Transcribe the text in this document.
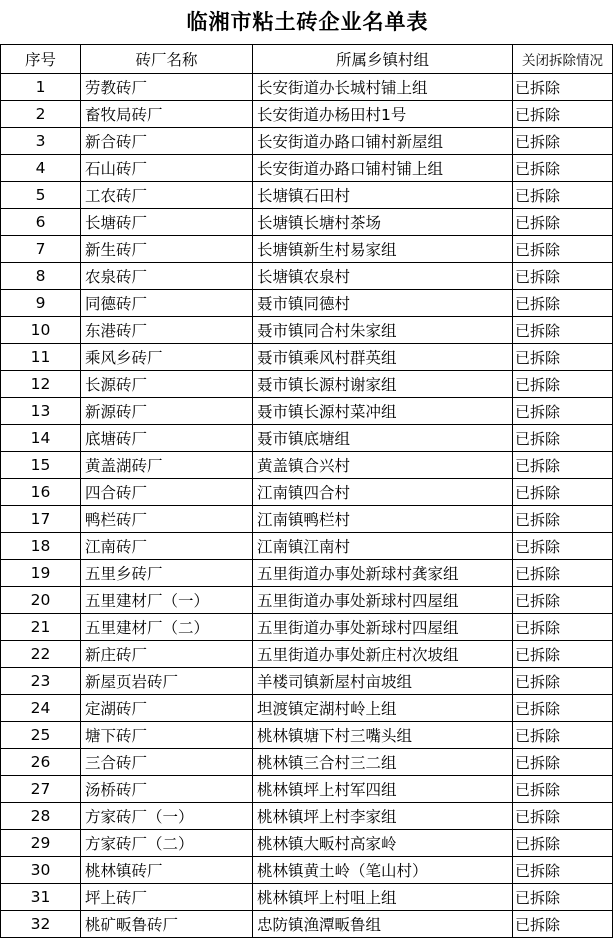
临湘市粘土砖企业名单表
序号	砖厂名称	所属乡镇村组	关闭拆除情况
1	劳教砖厂	长安街道办长城村铺上组	已拆除
2	畜牧局砖厂	长安街道办杨田村1号	已拆除
3	新合砖厂	长安街道办路口铺村新屋组	已拆除
4	石山砖厂	长安街道办路口铺村铺上组	已拆除
5	工农砖厂	长塘镇石田村	已拆除
6	长塘砖厂	长塘镇长塘村茶场	已拆除
7	新生砖厂	长塘镇新生村易家组	已拆除
8	农泉砖厂	长塘镇农泉村	已拆除
9	同德砖厂	聂市镇同德村	已拆除
10	东港砖厂	聂市镇同合村朱家组	已拆除
11	乘风乡砖厂	聂市镇乘风村群英组	已拆除
12	长源砖厂	聂市镇长源村谢家组	已拆除
13	新源砖厂	聂市镇长源村菜冲组	已拆除
14	底塘砖厂	聂市镇底塘组	已拆除
15	黄盖湖砖厂	黄盖镇合兴村	已拆除
16	四合砖厂	江南镇四合村	已拆除
17	鸭栏砖厂	江南镇鸭栏村	已拆除
18	江南砖厂	江南镇江南村	已拆除
19	五里乡砖厂	五里街道办事处新球村龚家组	已拆除
20	五里建材厂（一）	五里街道办事处新球村四屋组	已拆除
21	五里建材厂（二）	五里街道办事处新球村四屋组	已拆除
22	新庄砖厂	五里街道办事处新庄村次坡组	已拆除
23	新屋页岩砖厂	羊楼司镇新屋村亩坡组	已拆除
24	定湖砖厂	坦渡镇定湖村岭上组	已拆除
25	塘下砖厂	桃林镇塘下村三嘴头组	已拆除
26	三合砖厂	桃林镇三合村三二组	已拆除
27	汤桥砖厂	桃林镇坪上村军四组	已拆除
28	方家砖厂（一）	桃林镇坪上村李家组	已拆除
29	方家砖厂（二）	桃林镇大畈村高家岭	已拆除
30	桃林镇砖厂	桃林镇黄土岭（笔山村）	已拆除
31	坪上砖厂	桃林镇坪上村咀上组	已拆除
32	桃矿畈鲁砖厂	忠防镇渔潭畈鲁组	已拆除
